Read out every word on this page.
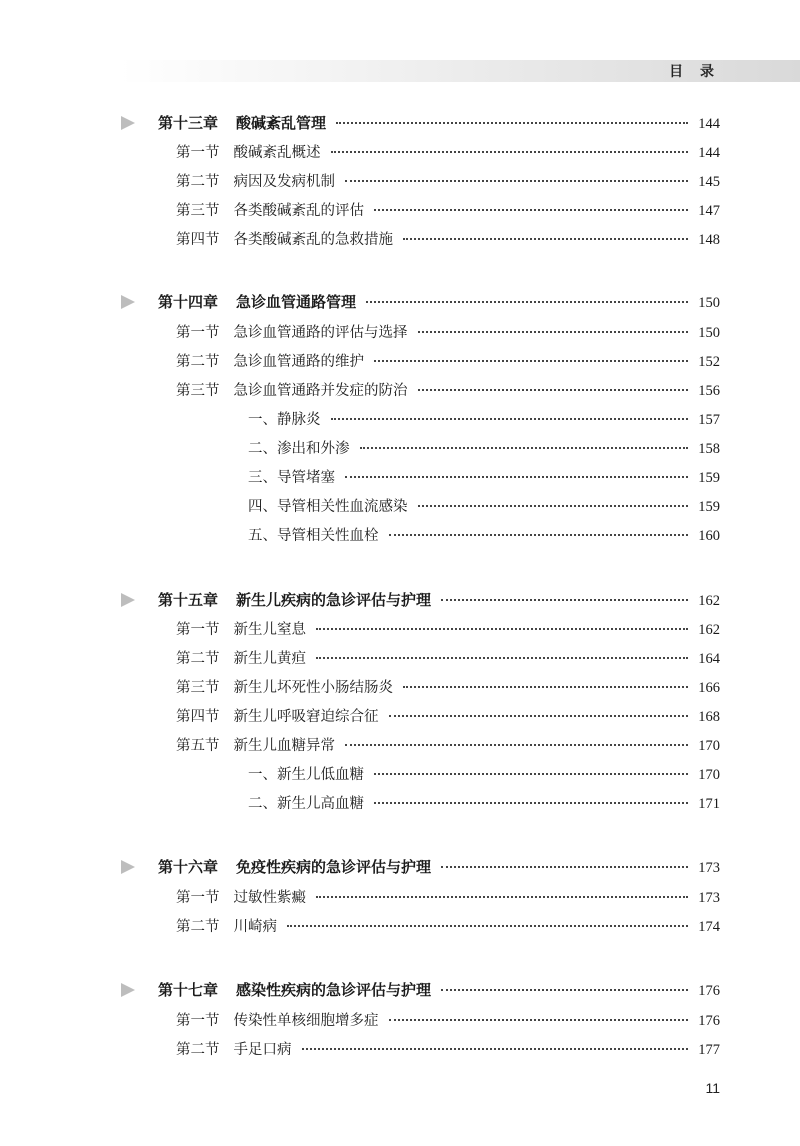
目 录
第十三章 酸碱紊乱管理	144
第一节 酸碱紊乱概述	144
第二节 病因及发病机制	145
第三节 各类酸碱紊乱的评估	147
第四节 各类酸碱紊乱的急救措施	148
第十四章 急诊血管通路管理	150
第一节 急诊血管通路的评估与选择	150
第二节 急诊血管通路的维护	152
第三节 急诊血管通路并发症的防治	156
一、静脉炎	157
二、渗出和外渗	158
三、导管堵塞	159
四、导管相关性血流感染	159
五、导管相关性血栓	160
第十五章 新生儿疾病的急诊评估与护理	162
第一节 新生儿窒息	162
第二节 新生儿黄疸	164
第三节 新生儿坏死性小肠结肠炎	166
第四节 新生儿呼吸窘迫综合征	168
第五节 新生儿血糖异常	170
一、新生儿低血糖	170
二、新生儿高血糖	171
第十六章 免疫性疾病的急诊评估与护理	173
第一节 过敏性紫癜	173
第二节 川崎病	174
第十七章 感染性疾病的急诊评估与护理	176
第一节 传染性单核细胞增多症	176
第二节 手足口病	177
11
